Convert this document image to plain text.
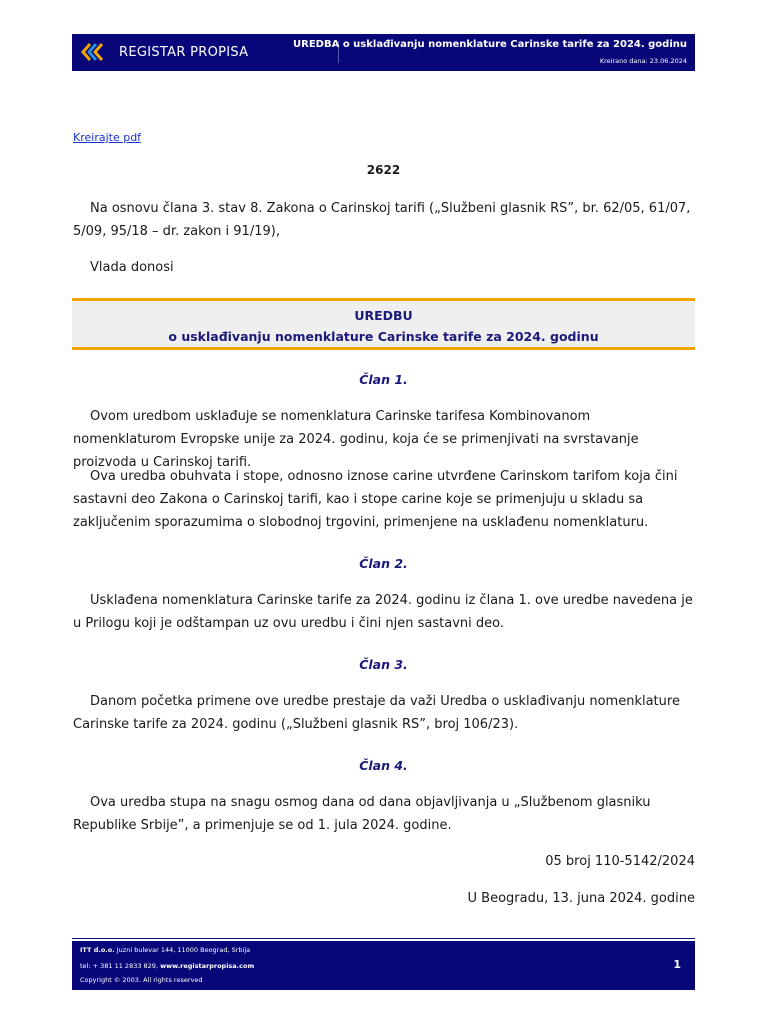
REGISTAR PROPISA
UREDBA o usklađivanju nomenklature Carinske tarife za 2024. godinu
Kreirano dana: 23.06.2024
Kreirajte pdf
2622

Na osnovu člana 3. stav 8. Zakona o Carinskoj tarifi („Službeni glasnik RS”, br. 62/05, 61/07, 5/09, 95/18 – dr. zakon i 91/19),

Vlada donosi

UREDBU
o usklađivanju nomenklature Carinske tarife za 2024. godinu
Član 1.

Ovom uredbom usklađuje se nomenklatura Carinske tarifesa Kombinovanom nomenklaturom Evropske unije za 2024. godinu, koja će se primenjivati na svrstavanje proizvoda u Carinskoj tarifi.

Ova uredba obuhvata i stope, odnosno iznose carine utvrđene Carinskom tarifom koja čini sastavni deo Zakona o Carinskoj tarifi, kao i stope carine koje se primenjuju u skladu sa zaključenim sporazumima o slobodnoj trgovini, primenjene na usklađenu nomenklaturu.

Član 2.

Usklađena nomenklatura Carinske tarife za 2024. godinu iz člana 1. ove uredbe navedena je u Prilogu koji je odštampan uz ovu uredbu i čini njen sastavni deo.

Član 3.

Danom početka primene ove uredbe prestaje da važi Uredba o usklađivanju nomenklature Carinske tarife za 2024. godinu („Službeni glasnik RS”, broj 106/23).

Član 4.

Ova uredba stupa na snagu osmog dana od dana objavljivanja u „Službenom glasniku Republike Srbije”, a primenjuje se od 1. jula 2024. godine.

05 broj 110-5142/2024
U Beogradu, 13. juna 2024. godine
ITT d.o.o. Juzni bulevar 144, 11000 Beograd, Srbija
tel: + 381 11 2833 829, www.registarpropisa.com
Copyright © 2003. All rights reserved
1
